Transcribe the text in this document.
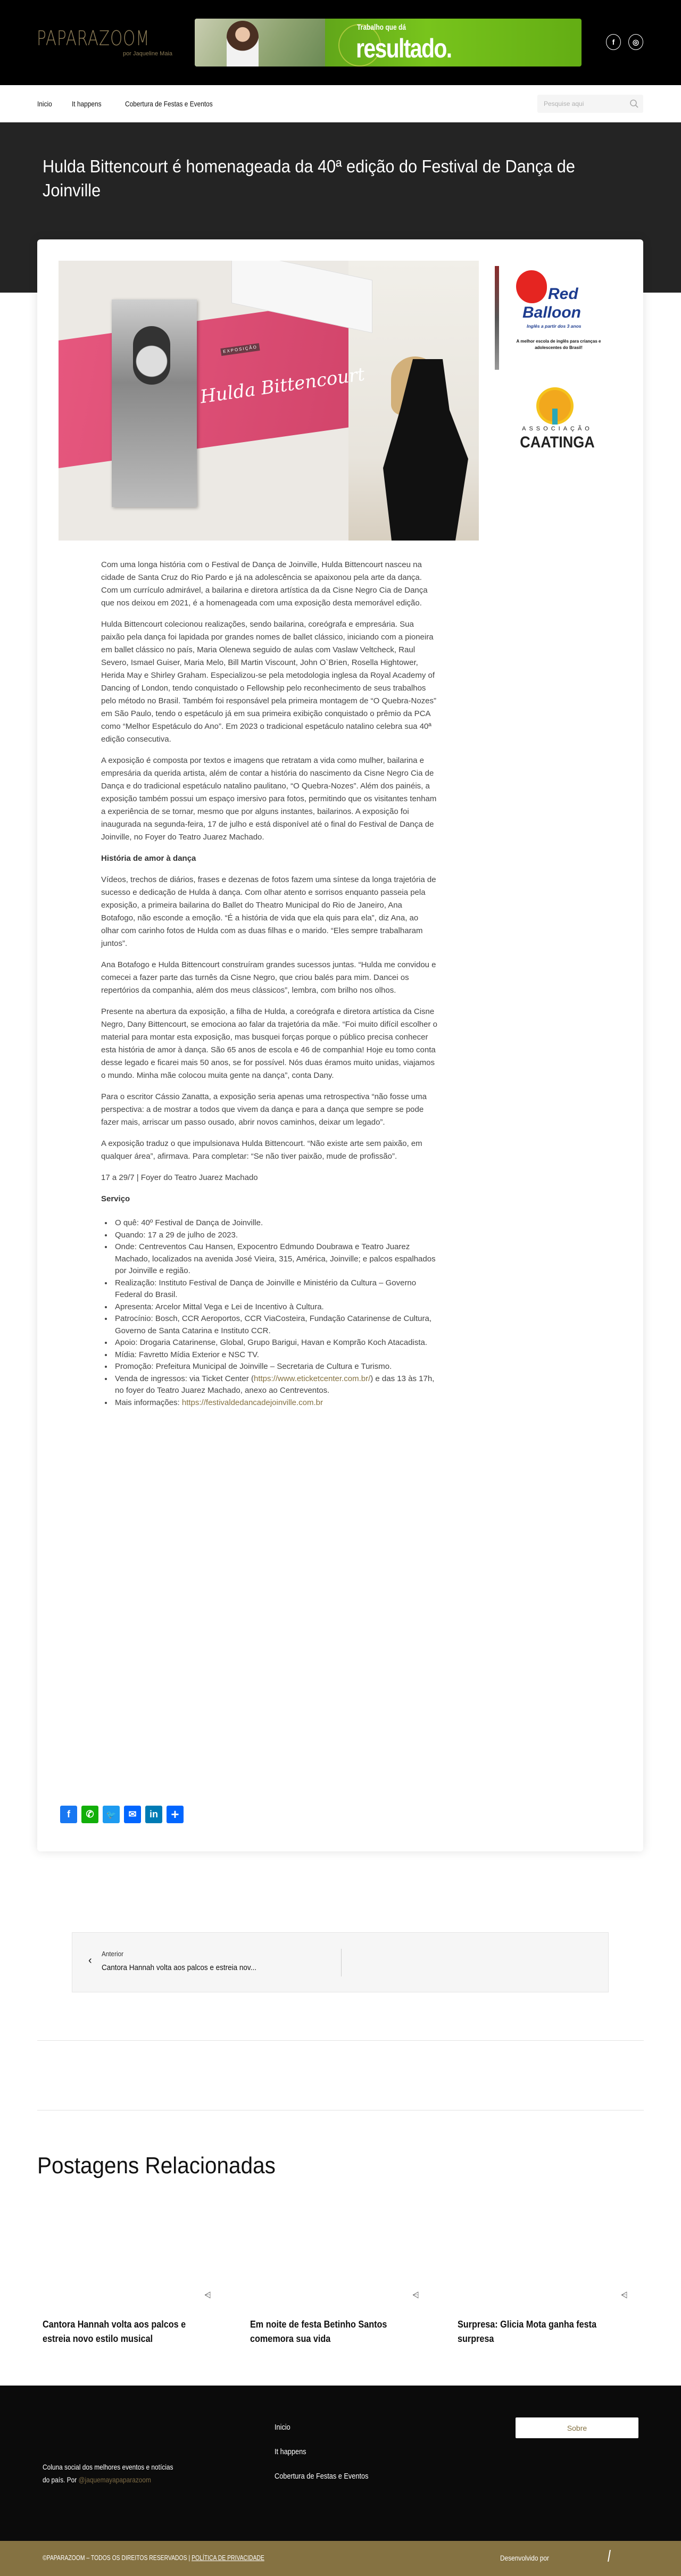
PAPARAZOOM
por Jaqueline Maia
Trabalho que dá
resultado.	f	◎
Inicio	It happens	Cobertura de Festas e Eventos	Pesquise aqui
Hulda Bittencourt é homenageada da 40ª edição do Festival de Dança de Joinville
EXPOSIÇÃO
Hulda Bittencourt
Red
Balloon
Inglês a partir dos 3 anos
A melhor escola de inglês para crianças e adolescentes do Brasil!
ASSOCIAÇÃO
CAATINGA

Com uma longa história com o Festival de Dança de Joinville, Hulda Bittencourt nasceu na cidade de Santa Cruz do Rio Pardo e já na adolescência se apaixonou pela arte da dança. Com um currículo admirável, a bailarina e diretora artística da da Cisne Negro Cia de Dança que nos deixou em 2021, é a homenageada com uma exposição desta memorável edição.

Hulda Bittencourt colecionou realizações, sendo bailarina, coreógrafa e empresária. Sua paixão pela dança foi lapidada por grandes nomes de ballet clássico, iniciando com a pioneira em ballet clássico no país, Maria Olenewa seguido de aulas com Vaslaw Veltcheck, Raul Severo, Ismael Guiser, Maria Melo, Bill Martin Viscount, John O`Brien, Rosella Hightower, Herida May e Shirley Graham. Especializou-se pela metodologia inglesa da Royal Academy of Dancing of London, tendo conquistado o Fellowship pelo reconhecimento de seus trabalhos pelo método no Brasil. Também foi responsável pela primeira montagem de “O Quebra-Nozes” em São Paulo, tendo o espetáculo já em sua primeira exibição conquistado o prêmio da PCA como “Melhor Espetáculo do Ano”. Em 2023 o tradicional espetáculo natalino celebra sua 40ª edição consecutiva.

A exposição é composta por textos e imagens que retratam a vida como mulher, bailarina e empresária da querida artista, além de contar a história do nascimento da Cisne Negro Cia de Dança e do tradicional espetáculo natalino paulitano, “O Quebra-Nozes”. Além dos painéis, a exposição também possui um espaço imersivo para fotos, permitindo que os visitantes tenham a experiência de se tornar, mesmo que por alguns instantes, bailarinos. A exposição foi inaugurada na segunda-feira, 17 de julho e está disponível até o final do Festival de Dança de Joinville, no Foyer do Teatro Juarez Machado.

História de amor à dança

Vídeos, trechos de diários, frases e dezenas de fotos fazem uma síntese da longa trajetória de sucesso e dedicação de Hulda à dança. Com olhar atento e sorrisos enquanto passeia pela exposição, a primeira bailarina do Ballet do Theatro Municipal do Rio de Janeiro, Ana Botafogo, não esconde a emoção. “É a história de vida que ela quis para ela”, diz Ana, ao olhar com carinho fotos de Hulda com as duas filhas e o marido. “Eles sempre trabalharam juntos”.

Ana Botafogo e Hulda Bittencourt construíram grandes sucessos juntas. “Hulda me convidou e comecei a fazer parte das turnês da Cisne Negro, que criou balés para mim. Dancei os repertórios da companhia, além dos meus clássicos”, lembra, com brilho nos olhos.

Presente na abertura da exposição, a filha de Hulda, a coreógrafa e diretora artística da Cisne Negro, Dany Bittencourt, se emociona ao falar da trajetória da mãe. “Foi muito difícil escolher o material para montar esta exposição, mas busquei forças porque o público precisa conhecer esta história de amor à dança. São 65 anos de escola e 46 de companhia! Hoje eu tomo conta desse legado e ficarei mais 50 anos, se for possível. Nós duas éramos muito unidas, viajamos o mundo. Minha mãe colocou muita gente na dança”, conta Dany.

Para o escritor Cássio Zanatta, a exposição seria apenas uma retrospectiva “não fosse uma perspectiva: a de mostrar a todos que vivem da dança e para a dança que sempre se pode fazer mais, arriscar um passo ousado, abrir novos caminhos, deixar um legado”.

A exposição traduz o que impulsionava Hulda Bittencourt. “Não existe arte sem paixão, em qualquer área”, afirmava. Para completar: “Se não tiver paixão, mude de profissão”.

17 a 29/7 | Foyer do Teatro Juarez Machado

Serviço
• O quê: 40º Festival de Dança de Joinville.
• Quando: 17 a 29 de julho de 2023.
• Onde: Centreventos Cau Hansen, Expocentro Edmundo Doubrawa e Teatro Juarez Machado, localizados na avenida José Vieira, 315, América, Joinville; e palcos espalhados por Joinville e região.
• Realização: Instituto Festival de Dança de Joinville e Ministério da Cultura – Governo Federal do Brasil.
• Apresenta: Arcelor Mittal Vega e Lei de Incentivo à Cultura.
• Patrocínio: Bosch, CCR Aeroportos, CCR ViaCosteira, Fundação Catarinense de Cultura, Governo de Santa Catarina e Instituto CCR.
• Apoio: Drogaria Catarinense, Global, Grupo Barigui, Havan e Komprão Koch Atacadista.
• Mídia: Favretto Mídia Exterior e NSC TV.
• Promoção: Prefeitura Municipal de Joinville – Secretaria de Cultura e Turismo.
• Venda de ingressos: via Ticket Center (https://www.eticketcenter.com.br/) e das 13 às 17h, no foyer do Teatro Juarez Machado, anexo ao Centreventos.
• Mais informações: https://festivaldedancadejoinville.com.br
f	✆	🐦	✉	in +
‹
Anterior
Cantora Hannah volta aos palcos e estreia nov...
Postagens Relacionadas
⩤	⩤	⩤
Cantora Hannah volta aos palcos e estreia novo estilo musical
Em noite de festa Betinho Santos comemora sua vida
Surpresa: Glicia Mota ganha festa surpresa
Coluna social dos melhores eventos e notícias do país. Por @jaquemayapaparazoom
Inicio
It happens
Cobertura de Festas e Eventos
Sobre
©PAPARAZOOM – TODOS OS DIREITOS RESERVADOS | POLÍTICA DE PRIVACIDADE	Desenvolvido por
